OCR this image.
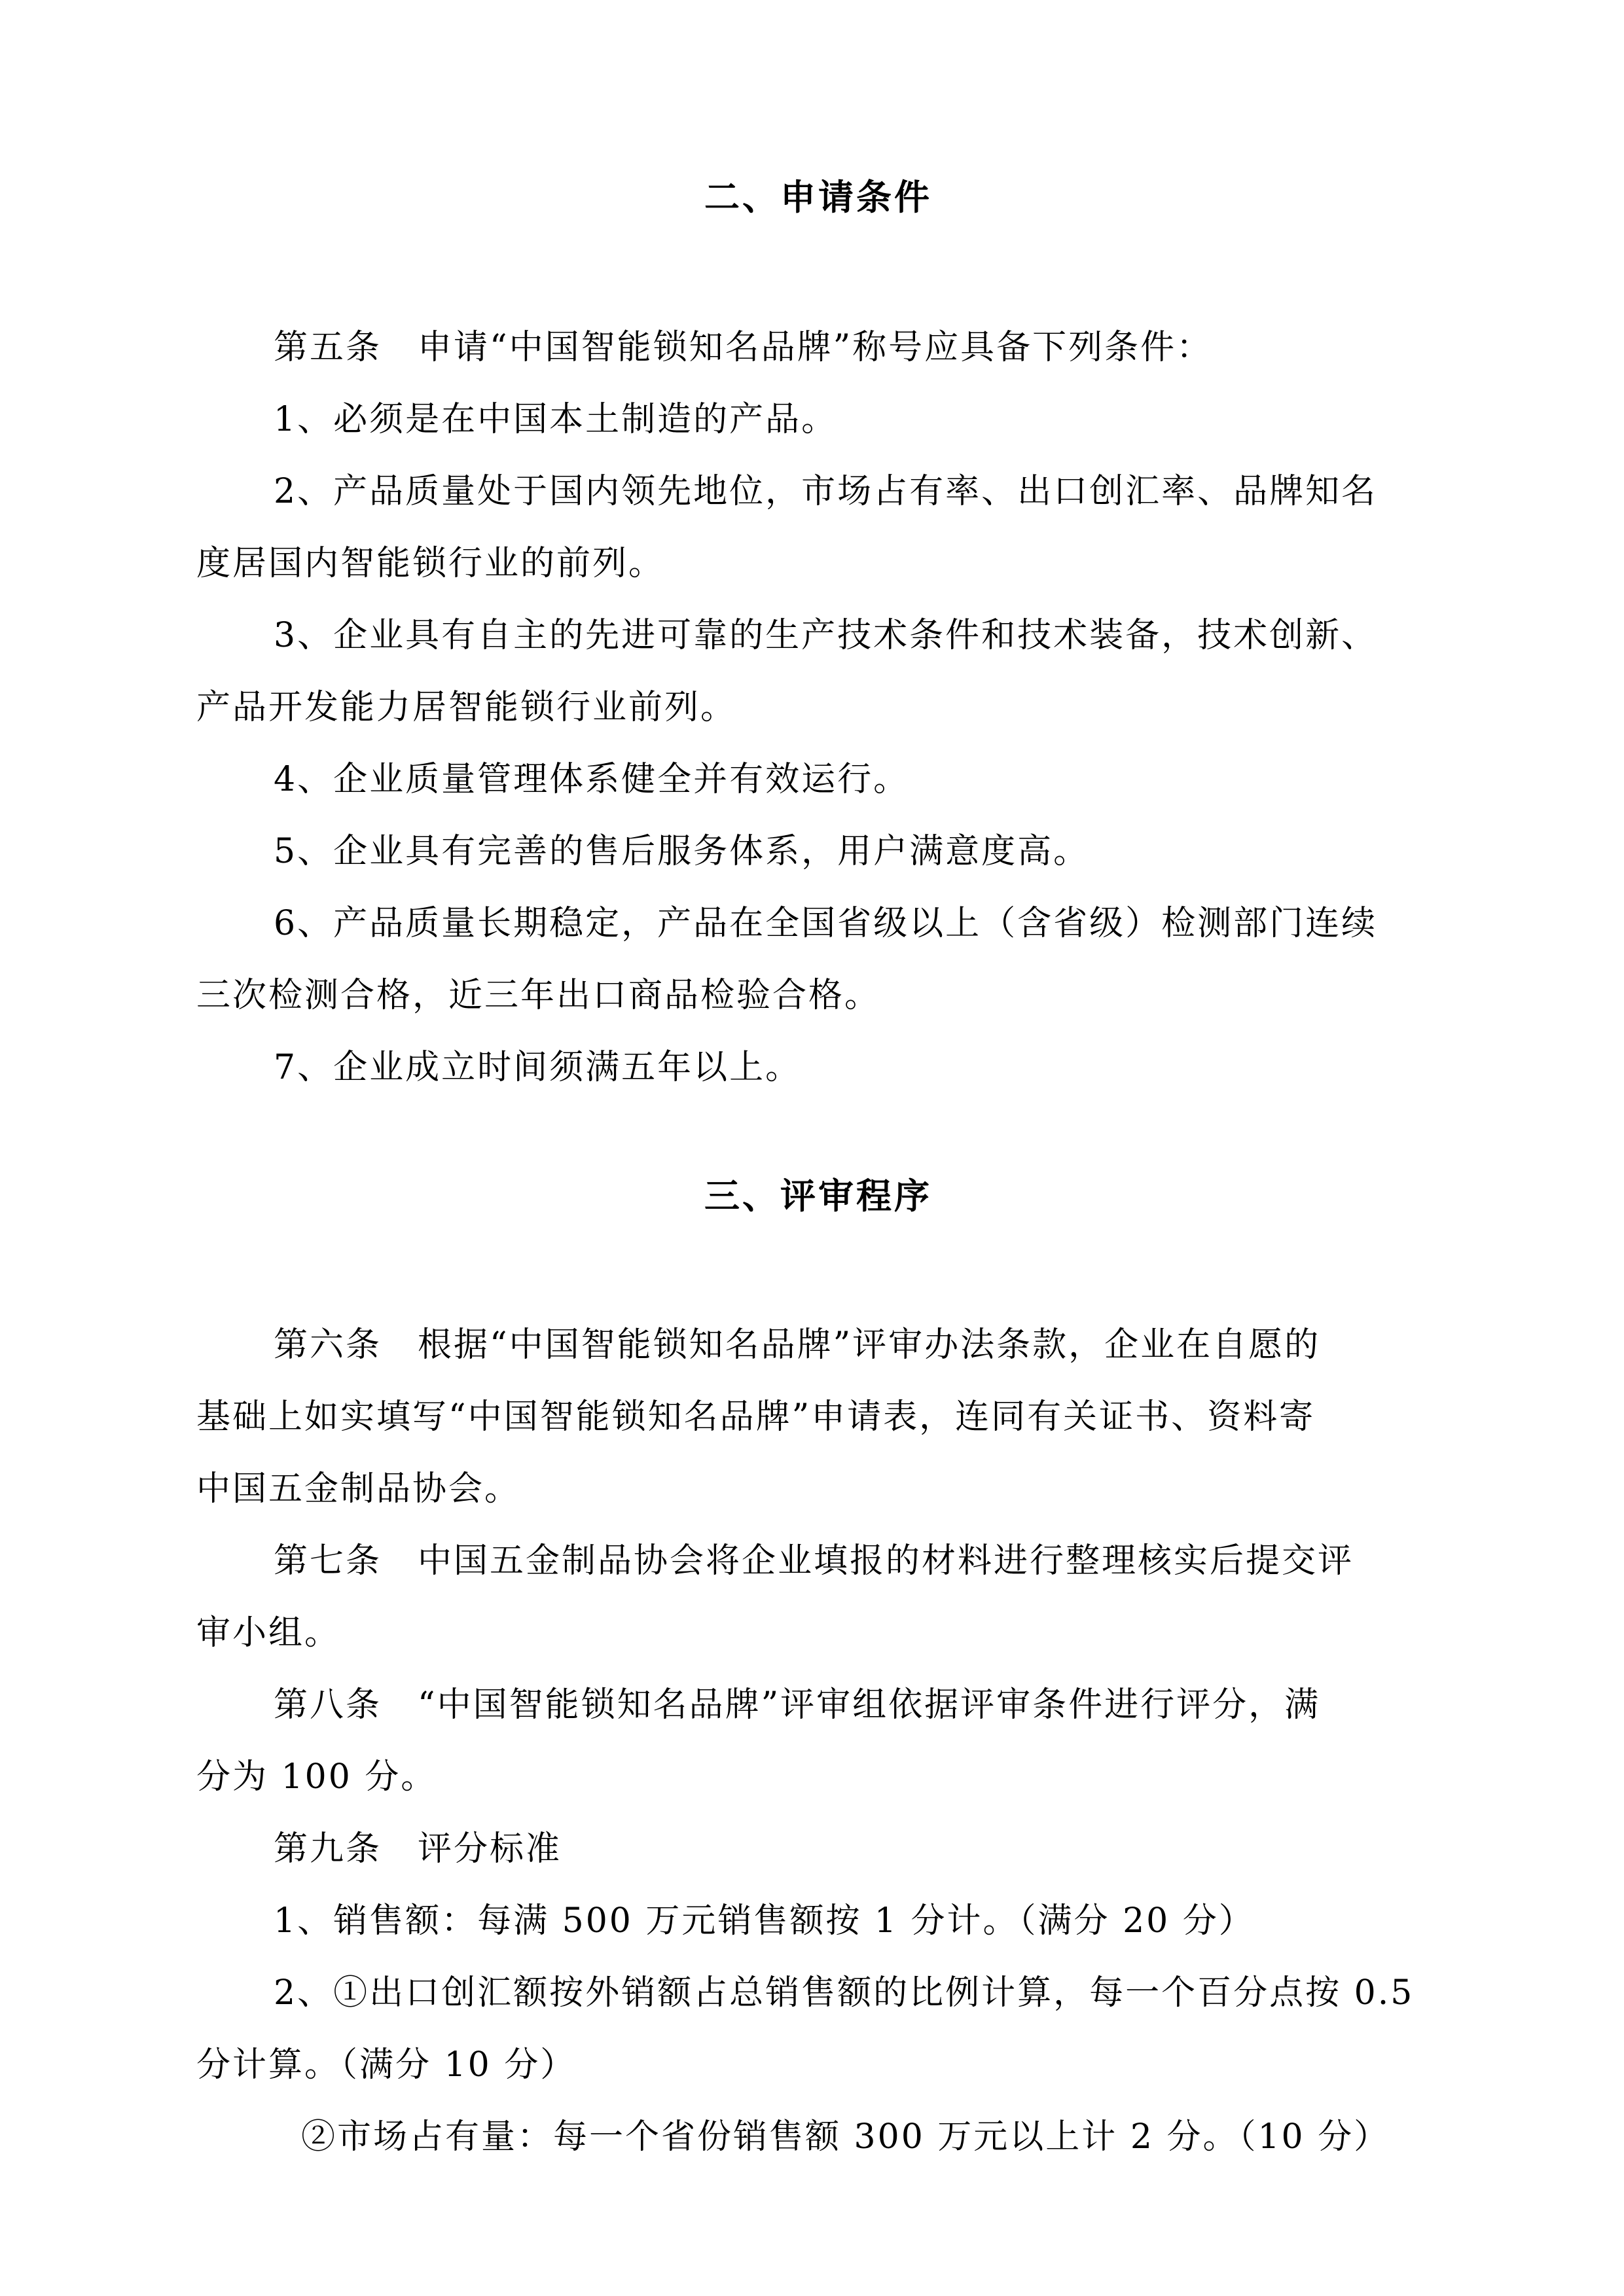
二、申请条件

第五条　申请“中国智能锁知名品牌”称号应具备下列条件：

1、必须是在中国本土制造的产品。

2、产品质量处于国内领先地位，市场占有率、出口创汇率、品牌知名

度居国内智能锁行业的前列。

3、企业具有自主的先进可靠的生产技术条件和技术装备，技术创新、

产品开发能力居智能锁行业前列。

4、企业质量管理体系健全并有效运行。

5、企业具有完善的售后服务体系，用户满意度高。

6、产品质量长期稳定，产品在全国省级以上（含省级）检测部门连续

三次检测合格，近三年出口商品检验合格。

7、企业成立时间须满五年以上。

三、评审程序

第六条　根据“中国智能锁知名品牌”评审办法条款，企业在自愿的

基础上如实填写“中国智能锁知名品牌”申请表，连同有关证书、资料寄

中国五金制品协会。

第七条　中国五金制品协会将企业填报的材料进行整理核实后提交评

审小组。

第八条　“中国智能锁知名品牌”评审组依据评审条件进行评分，满

分为 100 分。

第九条　评分标准

1、销售额：每满 500 万元销售额按 1 分计。（满分 20 分）

2、①出口创汇额按外销额占总销售额的比例计算，每一个百分点按 0.5

分计算。（满分 10 分）

②市场占有量：每一个省份销售额 300 万元以上计 2 分。（10 分）
